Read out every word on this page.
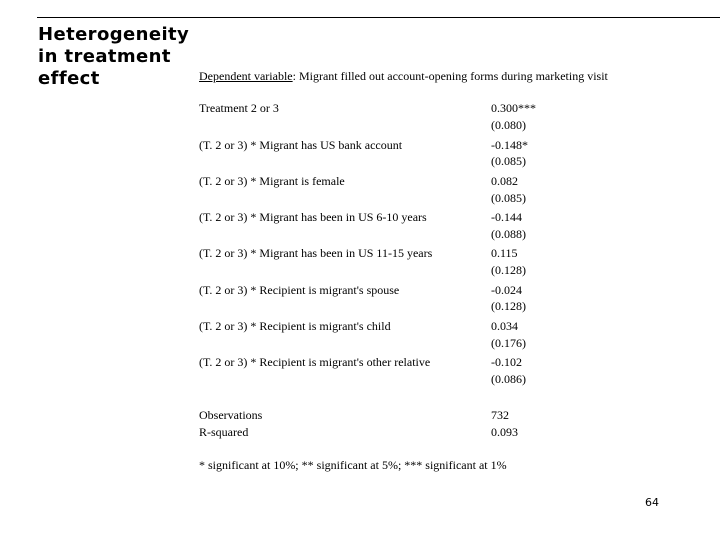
Heterogeneity
in treatment
effect	Dependent variable: Migrant filled out account-opening forms during marketing visit
Treatment 2 or 3	0.300***
(0.080)
(T. 2 or 3) * Migrant has US bank account	-0.148*
(0.085)
(T. 2 or 3) * Migrant is female	0.082
(0.085)
(T. 2 or 3) * Migrant has been in US 6-10 years	-0.144
(0.088)
(T. 2 or 3) * Migrant has been in US 11-15 years	0.115
(0.128)
(T. 2 or 3) * Recipient is migrant's spouse	-0.024
(0.128)
(T. 2 or 3) * Recipient is migrant's child	0.034
(0.176)
(T. 2 or 3) * Recipient is migrant's other relative	-0.102
(0.086)
Observations	732
R-squared	0.093
* significant at 10%; ** significant at 5%; *** significant at 1%
64
